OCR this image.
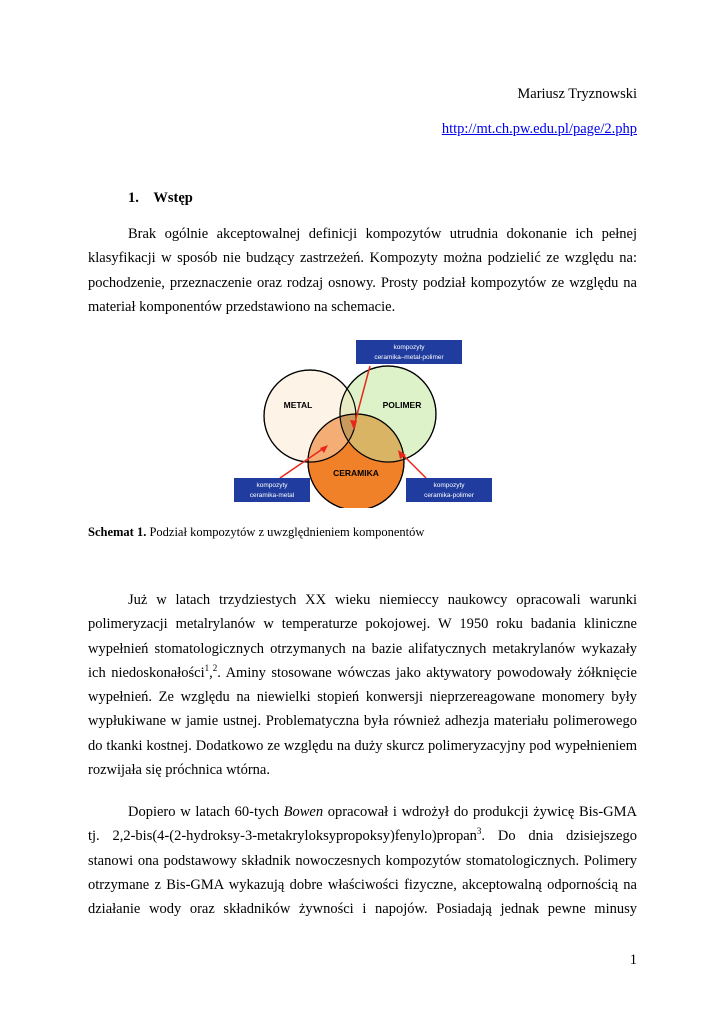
Mariusz Tryznowski
http://mt.ch.pw.edu.pl/page/2.php
1. Wstęp
Brak ogólnie akceptowalnej definicji kompozytów utrudnia dokonanie ich pełnej
klasyfikacji w sposób nie budzący zastrzeżeń. Kompozyty można podzielić ze względu na:
pochodzenie, przeznaczenie oraz rodzaj osnowy. Prosty podział kompozytów ze względu na
materiał komponentów przedstawiono na schemacie.
METAL	POLIMER
CERAMIKA
kompozyty
ceramika–metal-polimer
kompozyty
ceramika-metal
kompozyty
ceramika-polimer
Schemat 1. Podział kompozytów z uwzględnieniem komponentów
Już w latach trzydziestych XX wieku niemieccy naukowcy opracowali warunki
polimeryzacji metalrylanów w temperaturze pokojowej. W 1950 roku badania kliniczne
wypełnień stomatologicznych otrzymanych na bazie alifatycznych metakrylanów wykazały
ich niedoskonałości$^1$,$^2$. Aminy stosowane wówczas jako aktywatory powodowały żółknięcie
wypełnień. Ze względu na niewielki stopień konwersji nieprzereagowane monomery były
wypłukiwane w jamie ustnej. Problematyczna była również adhezja materiału polimerowego
do tkanki kostnej. Dodatkowo ze względu na duży skurcz polimeryzacyjny pod wypełnieniem
rozwijała się próchnica wtórna.
Dopiero w latach 60-tych Bowen opracował i wdrożył do produkcji żywicę Bis-GMA
tj. 2,2-bis(4-(2-hydroksy-3-metakryloksypropoksy)fenylo)propan$^3$. Do dnia dzisiejszego
stanowi ona podstawowy składnik nowoczesnych kompozytów stomatologicznych. Polimery
otrzymane z Bis-GMA wykazują dobre właściwości fizyczne, akceptowalną odpornością na
działanie wody oraz składników żywności i napojów. Posiadają jednak pewne minusy
1
